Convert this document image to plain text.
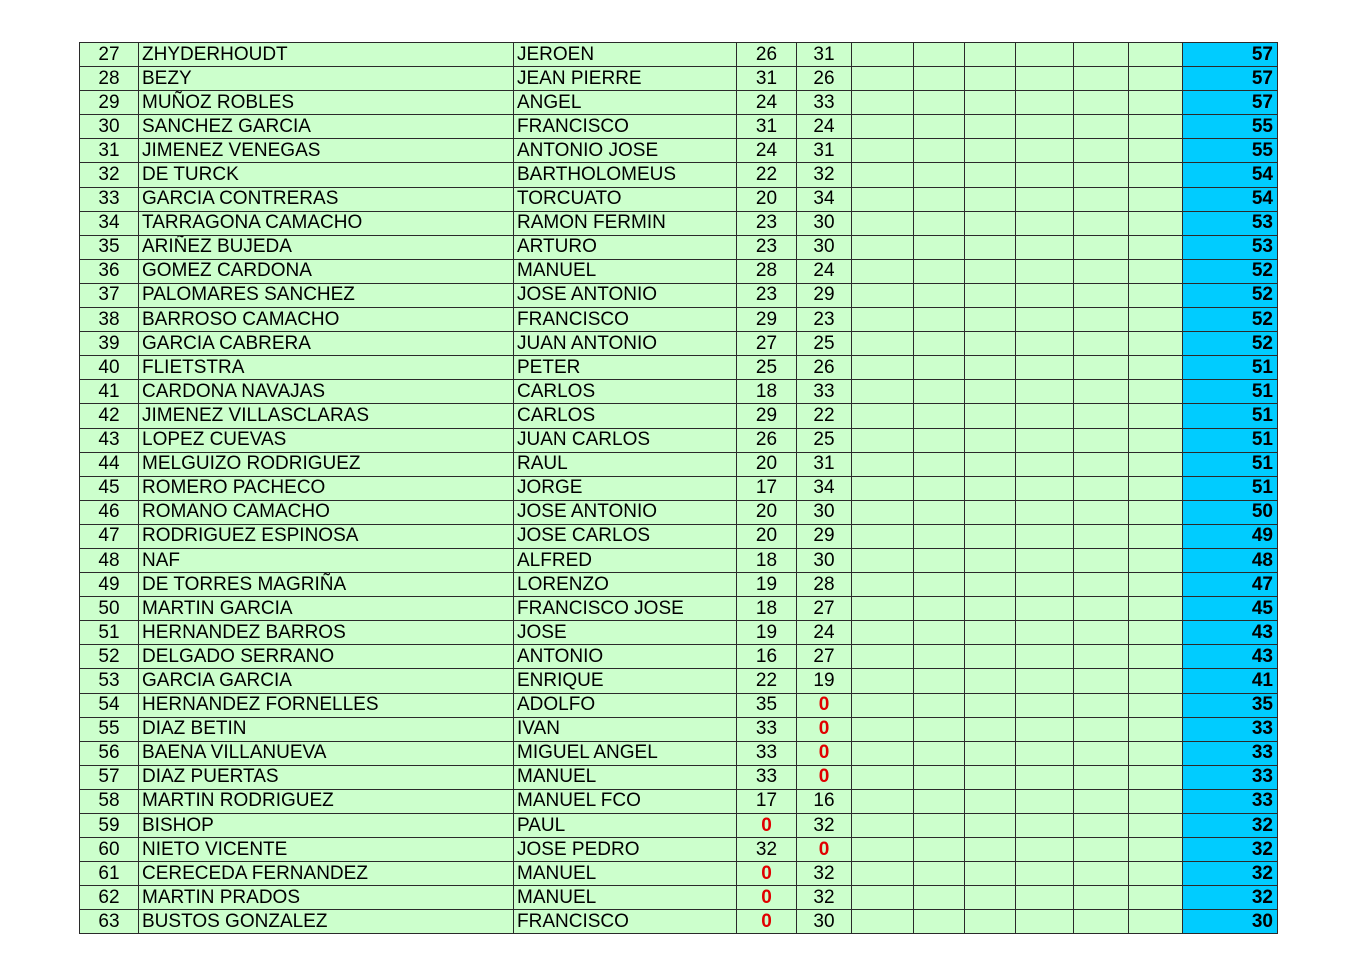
27	ZHYDERHOUDT	JEROEN	26	31							57
28	BEZY	JEAN PIERRE	31	26							57
29	MUÑOZ ROBLES	ANGEL	24	33							57
30	SANCHEZ GARCIA	FRANCISCO	31	24							55
31	JIMENEZ VENEGAS	ANTONIO JOSE	24	31							55
32	DE TURCK	BARTHOLOMEUS	22	32							54
33	GARCIA CONTRERAS	TORCUATO	20	34							54
34	TARRAGONA CAMACHO	RAMON FERMIN	23	30							53
35	ARIÑEZ BUJEDA	ARTURO	23	30							53
36	GOMEZ CARDONA	MANUEL	28	24							52
37	PALOMARES SANCHEZ	JOSE ANTONIO	23	29							52
38	BARROSO CAMACHO	FRANCISCO	29	23							52
39	GARCIA CABRERA	JUAN ANTONIO	27	25							52
40	FLIETSTRA	PETER	25	26							51
41	CARDONA NAVAJAS	CARLOS	18	33							51
42	JIMENEZ VILLASCLARAS	CARLOS	29	22							51
43	LOPEZ CUEVAS	JUAN CARLOS	26	25							51
44	MELGUIZO RODRIGUEZ	RAUL	20	31							51
45	ROMERO PACHECO	JORGE	17	34							51
46	ROMANO CAMACHO	JOSE ANTONIO	20	30							50
47	RODRIGUEZ ESPINOSA	JOSE CARLOS	20	29							49
48	NAF	ALFRED	18	30							48
49	DE TORRES MAGRIÑA	LORENZO	19	28							47
50	MARTIN GARCIA	FRANCISCO JOSE	18	27							45
51	HERNANDEZ BARROS	JOSE	19	24							43
52	DELGADO SERRANO	ANTONIO	16	27							43
53	GARCIA GARCIA	ENRIQUE	22	19							41
54	HERNANDEZ FORNELLES	ADOLFO	35	0							35
55	DIAZ BETIN	IVAN	33	0							33
56	BAENA VILLANUEVA	MIGUEL ANGEL	33	0							33
57	DIAZ PUERTAS	MANUEL	33	0							33
58	MARTIN RODRIGUEZ	MANUEL FCO	17	16							33
59	BISHOP	PAUL	0	32							32
60	NIETO VICENTE	JOSE PEDRO	32	0							32
61	CERECEDA FERNANDEZ	MANUEL	0	32							32
62	MARTIN PRADOS	MANUEL	0	32							32
63	BUSTOS GONZALEZ	FRANCISCO	0	30							30
